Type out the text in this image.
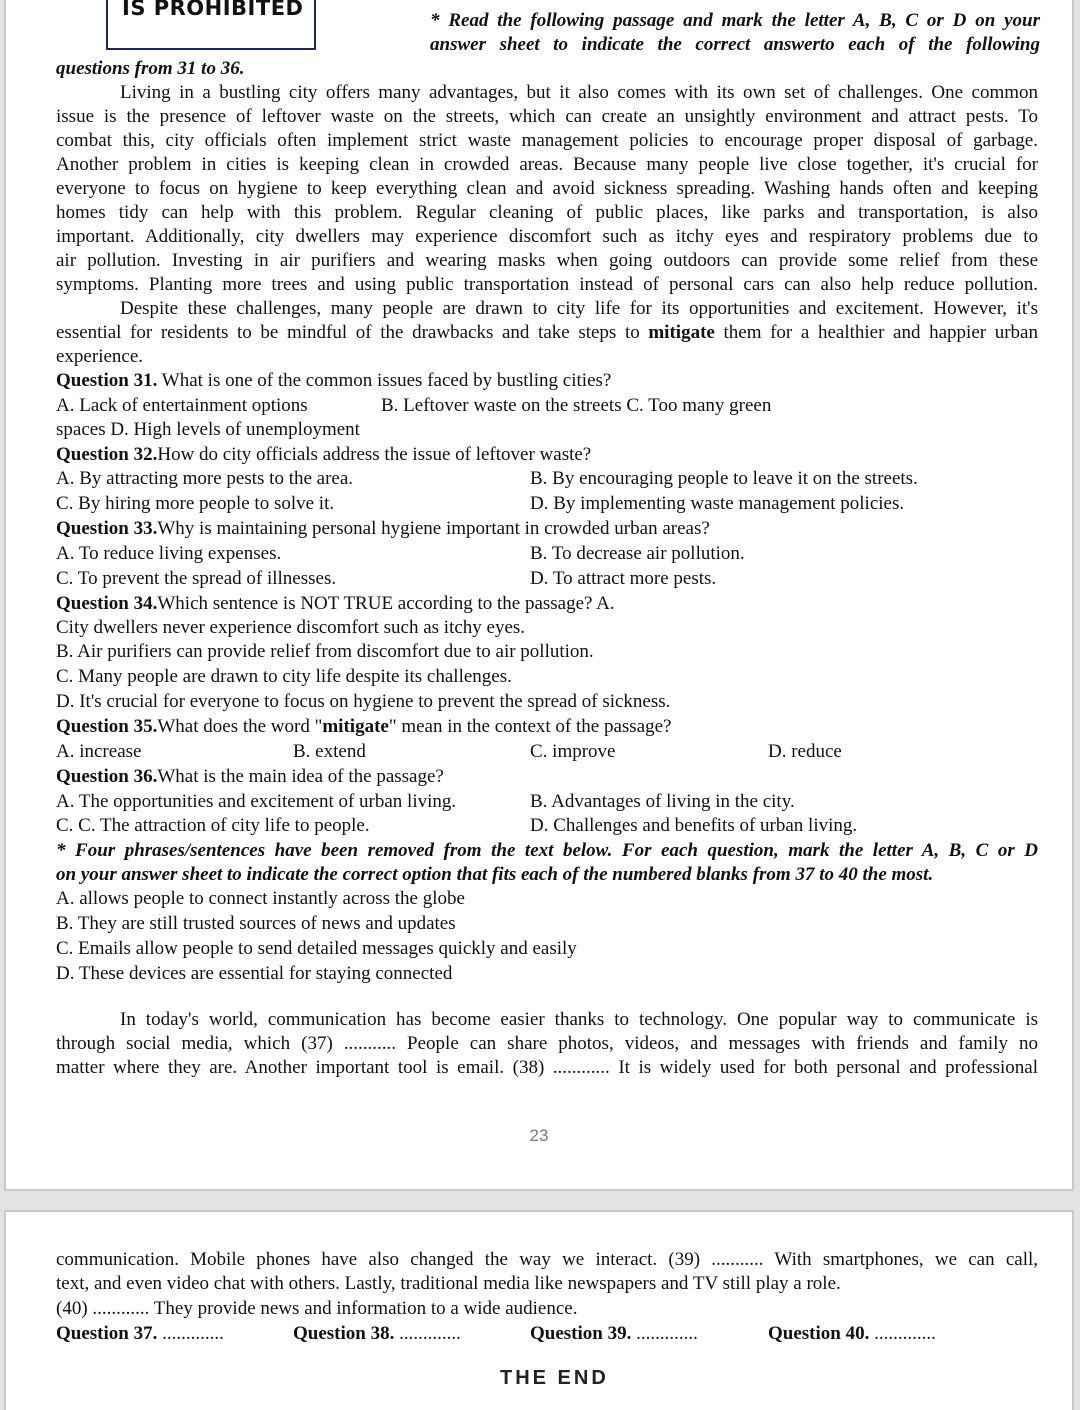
IS PROHIBITED
* Read the following passage and mark the letter A, B, C or D on your
answer sheet to indicate the correct answerto each of the following
questions from 31 to 36.
Living in a bustling city offers many advantages, but it also comes with its own set of challenges. One common
issue is the presence of leftover waste on the streets, which can create an unsightly environment and attract pests. To
combat this, city officials often implement strict waste management policies to encourage proper disposal of garbage.
Another problem in cities is keeping clean in crowded areas. Because many people live close together, it's crucial for
everyone to focus on hygiene to keep everything clean and avoid sickness spreading. Washing hands often and keeping
homes tidy can help with this problem. Regular cleaning of public places, like parks and transportation, is also
important. Additionally, city dwellers may experience discomfort such as itchy eyes and respiratory problems due to
air pollution. Investing in air purifiers and wearing masks when going outdoors can provide some relief from these
symptoms. Planting more trees and using public transportation instead of personal cars can also help reduce pollution.
Despite these challenges, many people are drawn to city life for its opportunities and excitement. However, it's
essential for residents to be mindful of the drawbacks and take steps to mitigate them for a healthier and happier urban
experience.
Question 31. What is one of the common issues faced by bustling cities?
A. Lack of entertainment options	B. Leftover waste on the streets C. Too many green
spaces D. High levels of unemployment
Question 32.How do city officials address the issue of leftover waste?
A. By attracting more pests to the area.	B. By encouraging people to leave it on the streets.
C. By hiring more people to solve it.	D. By implementing waste management policies.
Question 33.Why is maintaining personal hygiene important in crowded urban areas?
A. To reduce living expenses.	B. To decrease air pollution.
C. To prevent the spread of illnesses.	D. To attract more pests.
Question 34.Which sentence is NOT TRUE according to the passage? A.
City dwellers never experience discomfort such as itchy eyes.
B. Air purifiers can provide relief from discomfort due to air pollution.
C. Many people are drawn to city life despite its challenges.
D. It's crucial for everyone to focus on hygiene to prevent the spread of sickness.
Question 35.What does the word "mitigate" mean in the context of the passage?
A. increase	B. extend	C. improve	D. reduce
Question 36.What is the main idea of the passage?
A. The opportunities and excitement of urban living.	B. Advantages of living in the city.
C. C. The attraction of city life to people.	D. Challenges and benefits of urban living.
* Four phrases/sentences have been removed from the text below. For each question, mark the letter A, B, C or D
on your answer sheet to indicate the correct option that fits each of the numbered blanks from 37 to 40 the most.
A. allows people to connect instantly across the globe
B. They are still trusted sources of news and updates
C. Emails allow people to send detailed messages quickly and easily
D. These devices are essential for staying connected
In today's world, communication has become easier thanks to technology. One popular way to communicate is
through social media, which (37) ........... People can share photos, videos, and messages with friends and family no
matter where they are. Another important tool is email. (38) ............ It is widely used for both personal and professional
23
communication. Mobile phones have also changed the way we interact. (39) ........... With smartphones, we can call,
text, and even video chat with others. Lastly, traditional media like newspapers and TV still play a role.
(40) ............ They provide news and information to a wide audience.
Question 37. .............	Question 38. .............	Question 39. .............	Question 40. .............
THE END
